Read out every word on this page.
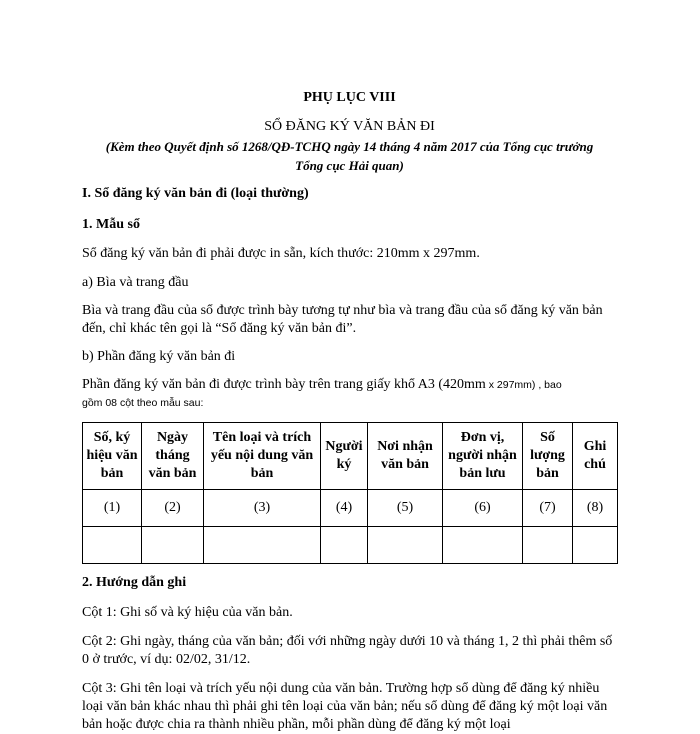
PHỤ LỤC VIII
SỔ ĐĂNG KÝ VĂN BẢN ĐI
(Kèm theo Quyết định số 1268/QĐ-TCHQ ngày 14 tháng 4 năm 2017 của Tổng cục trưởng Tổng cục Hải quan)
I. Sổ đăng ký văn bản đi (loại thường)
1. Mẫu sổ
Sổ đăng ký văn bản đi phải được in sẵn, kích thước: 210mm x 297mm.
a) Bìa và trang đầu
Bìa và trang đầu của sổ được trình bày tương tự như bìa và trang đầu của sổ đăng ký văn bản đến, chỉ khác tên gọi là “Sổ đăng ký văn bản đi”.
b) Phần đăng ký văn bản đi
Phần đăng ký văn bản đi được trình bày trên trang giấy khổ A3 (420mm x 297mm) , bao
gồm 08 cột theo mẫu sau:
Số, ký hiệu văn bản	Ngày tháng văn bản	Tên loại và trích yếu nội dung văn bản	Người ký	Nơi nhận văn bản	Đơn vị, người nhận bản lưu	Số lượng bản	Ghi chú
(1)	(2)	(3)	(4)	(5)	(6)	(7)	(8)

2. Hướng dẫn ghi
Cột 1: Ghi số và ký hiệu của văn bản.
Cột 2: Ghi ngày, tháng của văn bản; đối với những ngày dưới 10 và tháng 1, 2 thì phải thêm số 0 ở trước, ví dụ: 02/02, 31/12.
Cột 3: Ghi tên loại và trích yếu nội dung của văn bản. Trường hợp sổ dùng để đăng ký nhiều loại văn bản khác nhau thì phải ghi tên loại của văn bản; nếu sổ dùng để đăng ký một loại văn bản hoặc được chia ra thành nhiều phần, mỗi phần dùng để đăng ký một loại
